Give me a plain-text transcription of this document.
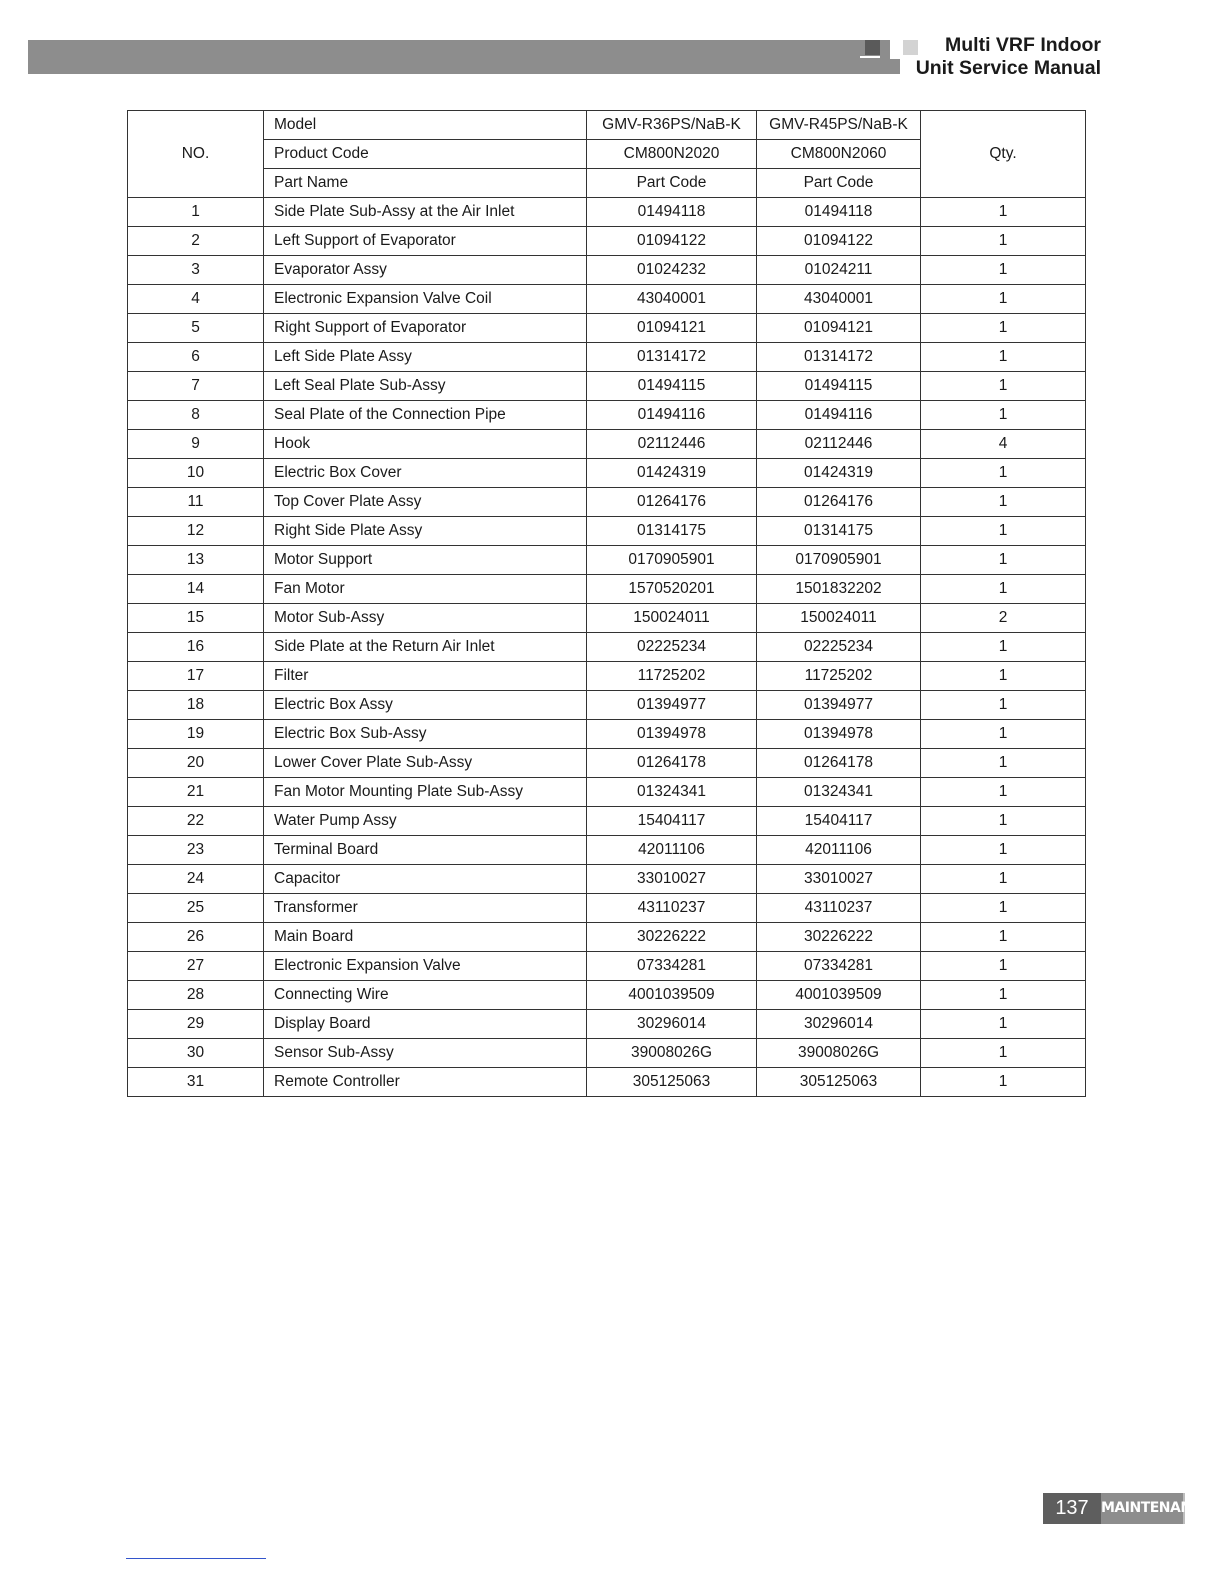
Multi VRF Indoor
Unit Service Manual
NO.	Model	GMV-R36PS/NaB-K	GMV-R45PS/NaB-K	Qty.
	Product Code	CM800N2020	CM800N2060	
	Part Name	Part Code	Part Code	
1	Side Plate Sub-Assy at the Air Inlet	01494118	01494118	1
2	Left Support of Evaporator	01094122	01094122	1
3	Evaporator Assy	01024232	01024211	1
4	Electronic Expansion Valve Coil	43040001	43040001	1
5	Right Support of Evaporator	01094121	01094121	1
6	Left Side Plate Assy	01314172	01314172	1
7	Left Seal Plate Sub-Assy	01494115	01494115	1
8	Seal Plate of the Connection Pipe	01494116	01494116	1
9	Hook	02112446	02112446	4
10	Electric Box Cover	01424319	01424319	1
11	Top Cover Plate Assy	01264176	01264176	1
12	Right Side Plate Assy	01314175	01314175	1
13	Motor Support	0170905901	0170905901	1
14	Fan Motor	1570520201	1501832202	1
15	Motor Sub-Assy	150024011	150024011	2
16	Side Plate at the Return Air Inlet	02225234	02225234	1
17	Filter	11725202	11725202	1
18	Electric Box Assy	01394977	01394977	1
19	Electric Box Sub-Assy	01394978	01394978	1
20	Lower Cover Plate Sub-Assy	01264178	01264178	1
21	Fan Motor Mounting Plate Sub-Assy	01324341	01324341	1
22	Water Pump Assy	15404117	15404117	1
23	Terminal Board	42011106	42011106	1
24	Capacitor	33010027	33010027	1
25	Transformer	43110237	43110237	1
26	Main Board	30226222	30226222	1
27	Electronic Expansion Valve	07334281	07334281	1
28	Connecting Wire	4001039509	4001039509	1
29	Display Board	30296014	30296014	1
30	Sensor Sub-Assy	39008026G	39008026G	1
31	Remote Controller	305125063	305125063	1
137 MAINTENANCE
